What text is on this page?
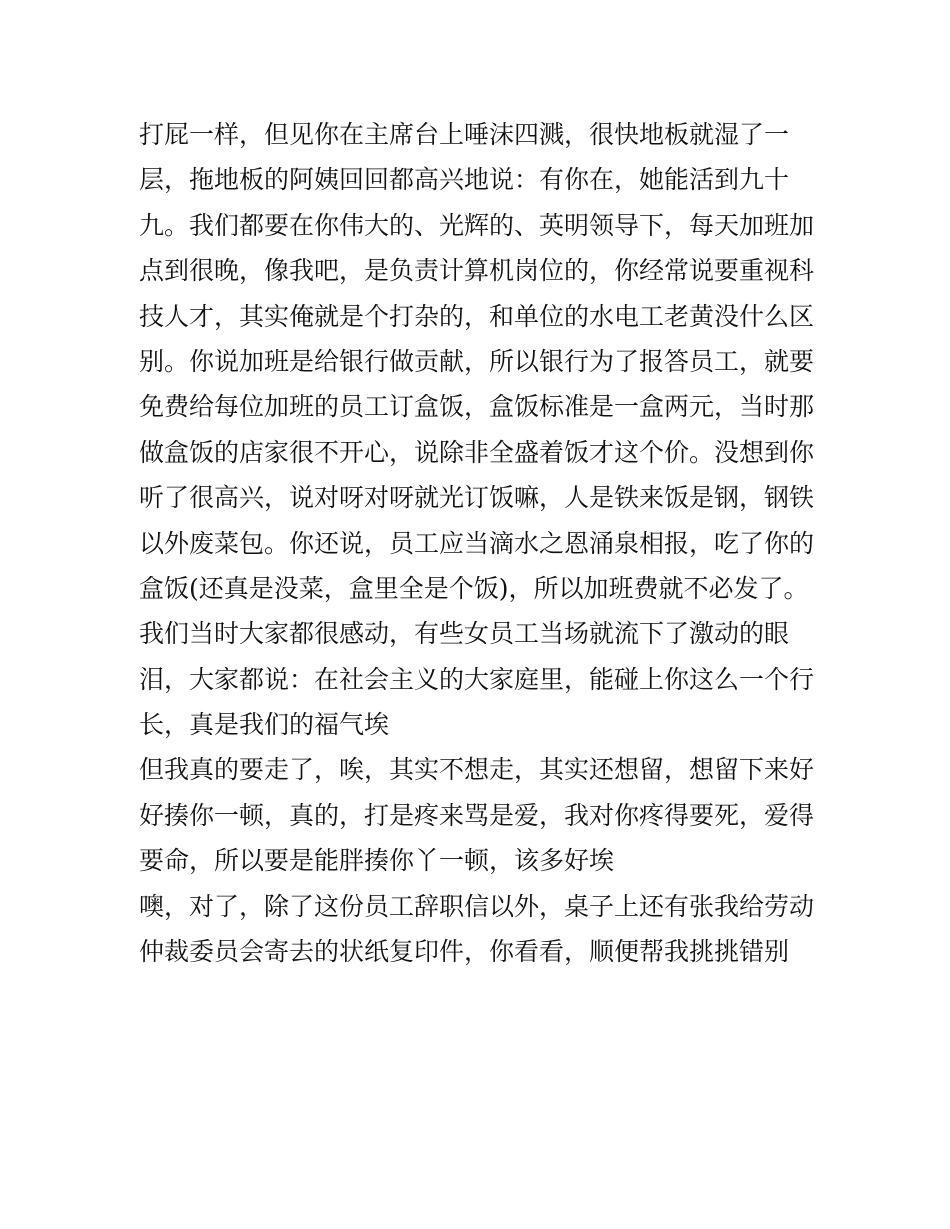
打屁一样，但见你在主席台上唾沫四溅，很快地板就湿了一
层，拖地板的阿姨回回都高兴地说：有你在，她能活到九十
九。我们都要在你伟大的、光辉的、英明领导下，每天加班加
点到很晚，像我吧，是负责计算机岗位的，你经常说要重视科
技人才，其实俺就是个打杂的，和单位的水电工老黄没什么区
别。你说加班是给银行做贡献，所以银行为了报答员工，就要
免费给每位加班的员工订盒饭，盒饭标准是一盒两元，当时那
做盒饭的店家很不开心，说除非全盛着饭才这个价。没想到你
听了很高兴，说对呀对呀就光订饭嘛，人是铁来饭是钢，钢铁
以外废菜包。你还说，员工应当滴水之恩涌泉相报，吃了你的
盒饭(还真是没菜，盒里全是个饭)，所以加班费就不必发了。
我们当时大家都很感动，有些女员工当场就流下了激动的眼
泪，大家都说：在社会主义的大家庭里，能碰上你这么一个行
长，真是我们的福气埃
但我真的要走了，唉，其实不想走，其实还想留，想留下来好
好揍你一顿，真的，打是疼来骂是爱，我对你疼得要死，爱得
要命，所以要是能胖揍你丫一顿，该多好埃
噢，对了，除了这份员工辞职信以外，桌子上还有张我给劳动
仲裁委员会寄去的状纸复印件，你看看，顺便帮我挑挑错别
